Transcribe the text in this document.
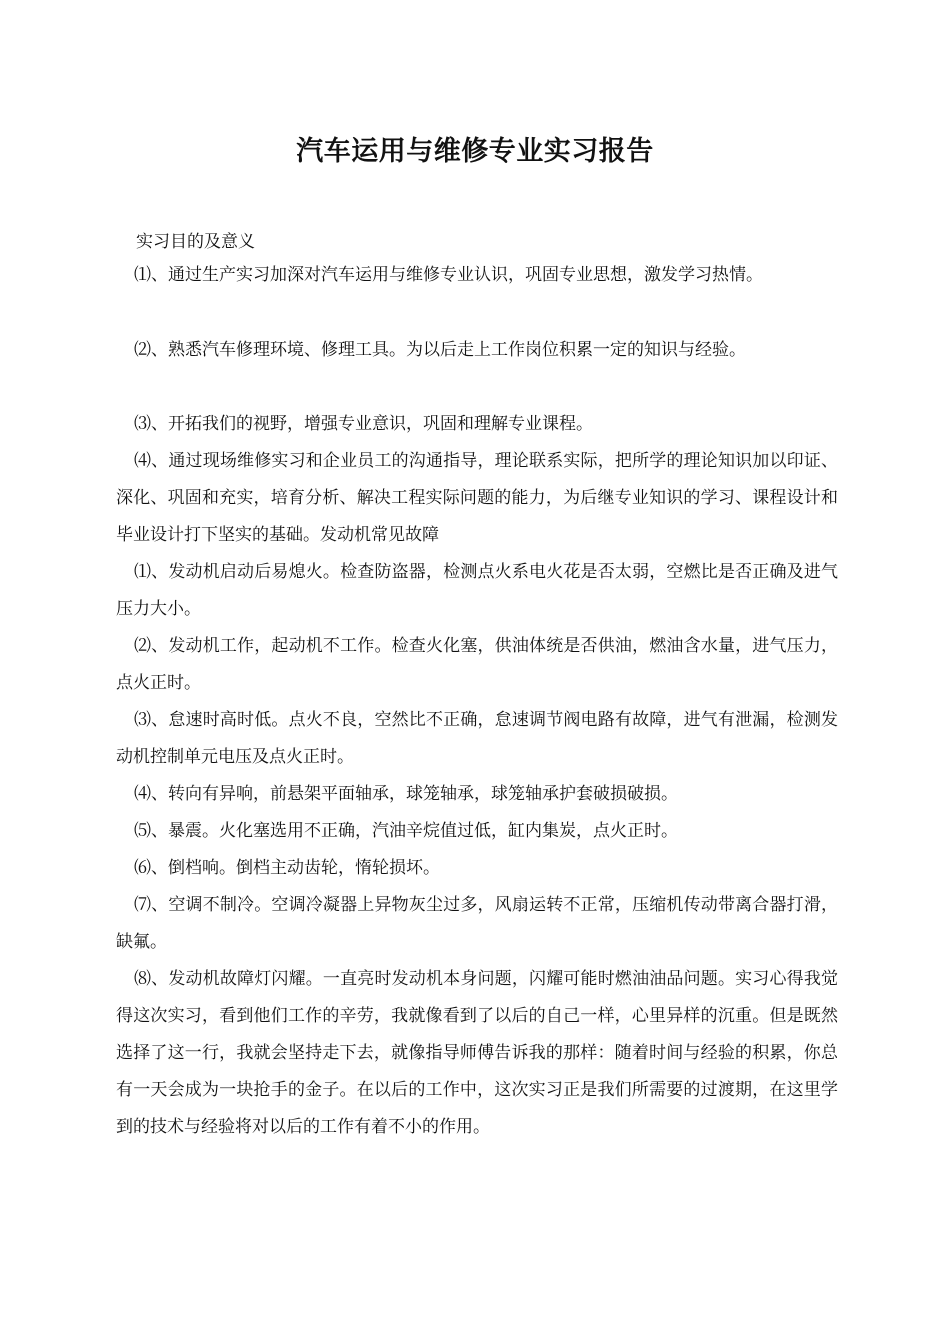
汽车运用与维修专业实习报告

实习目的及意义

⑴、通过生产实习加深对汽车运用与维修专业认识，巩固专业思想，激发学习热情。

⑵、熟悉汽车修理环境、修理工具。为以后走上工作岗位积累一定的知识与经验。

⑶、开拓我们的视野，增强专业意识，巩固和理解专业课程。

⑷、通过现场维修实习和企业员工的沟通指导，理论联系实际，把所学的理论知识加以印证、深化、巩固和充实，培育分析、解决工程实际问题的能力，为后继专业知识的学习、课程设计和毕业设计打下坚实的基础。发动机常见故障

⑴、发动机启动后易熄火。检查防盗器，检测点火系电火花是否太弱，空燃比是否正确及进气压力大小。

⑵、发动机工作，起动机不工作。检查火化塞，供油体统是否供油，燃油含水量，进气压力，点火正时。

⑶、怠速时高时低。点火不良，空然比不正确，怠速调节阀电路有故障，进气有泄漏，检测发动机控制单元电压及点火正时。

⑷、转向有异响，前悬架平面轴承，球笼轴承，球笼轴承护套破损破损。

⑸、暴震。火化塞选用不正确，汽油辛烷值过低，缸内集炭，点火正时。

⑹、倒档响。倒档主动齿轮，惰轮损坏。

⑺、空调不制冷。空调冷凝器上异物灰尘过多，风扇运转不正常，压缩机传动带离合器打滑，缺氟。

⑻、发动机故障灯闪耀。一直亮时发动机本身问题，闪耀可能时燃油油品问题。实习心得我觉得这次实习，看到他们工作的辛劳，我就像看到了以后的自己一样，心里异样的沉重。但是既然选择了这一行，我就会坚持走下去，就像指导师傅告诉我的那样：随着时间与经验的积累，你总有一天会成为一块抢手的金子。在以后的工作中，这次实习正是我们所需要的过渡期，在这里学到的技术与经验将对以后的工作有着不小的作用。
